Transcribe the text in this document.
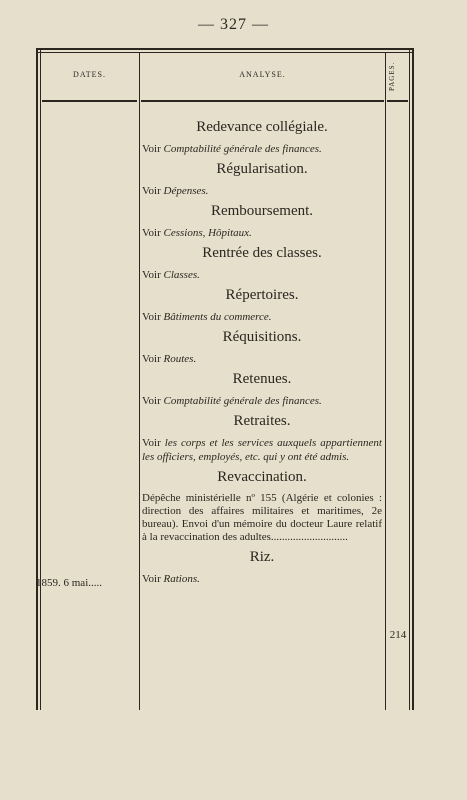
— 327 —
DATES.	ANALYSE.	PAGES.
Redevance collégiale.
Voir Comptabilité générale des finances.
Régularisation.
Voir Dépenses.
Remboursement.
Voir Cessions, Hôpitaux.
Rentrée des classes.
Voir Classes.
Répertoires.
Voir Bâtiments du commerce.
Réquisitions.
Voir Routes.
Retenues.
Voir Comptabilité générale des finances.
Retraites.
Voir les corps et les services auxquels appartiennent les officiers, employés, etc. qui y ont été admis.
Revaccination.
Dépêche ministérielle nº 155 (Algérie et colonies : direction des affaires militaires et maritimes, 2e bureau). Envoi d'un mémoire du docteur Laure relatif à la revaccination des adultes............................
Riz.
Voir Rations.
1859. 6 mai.....
214
